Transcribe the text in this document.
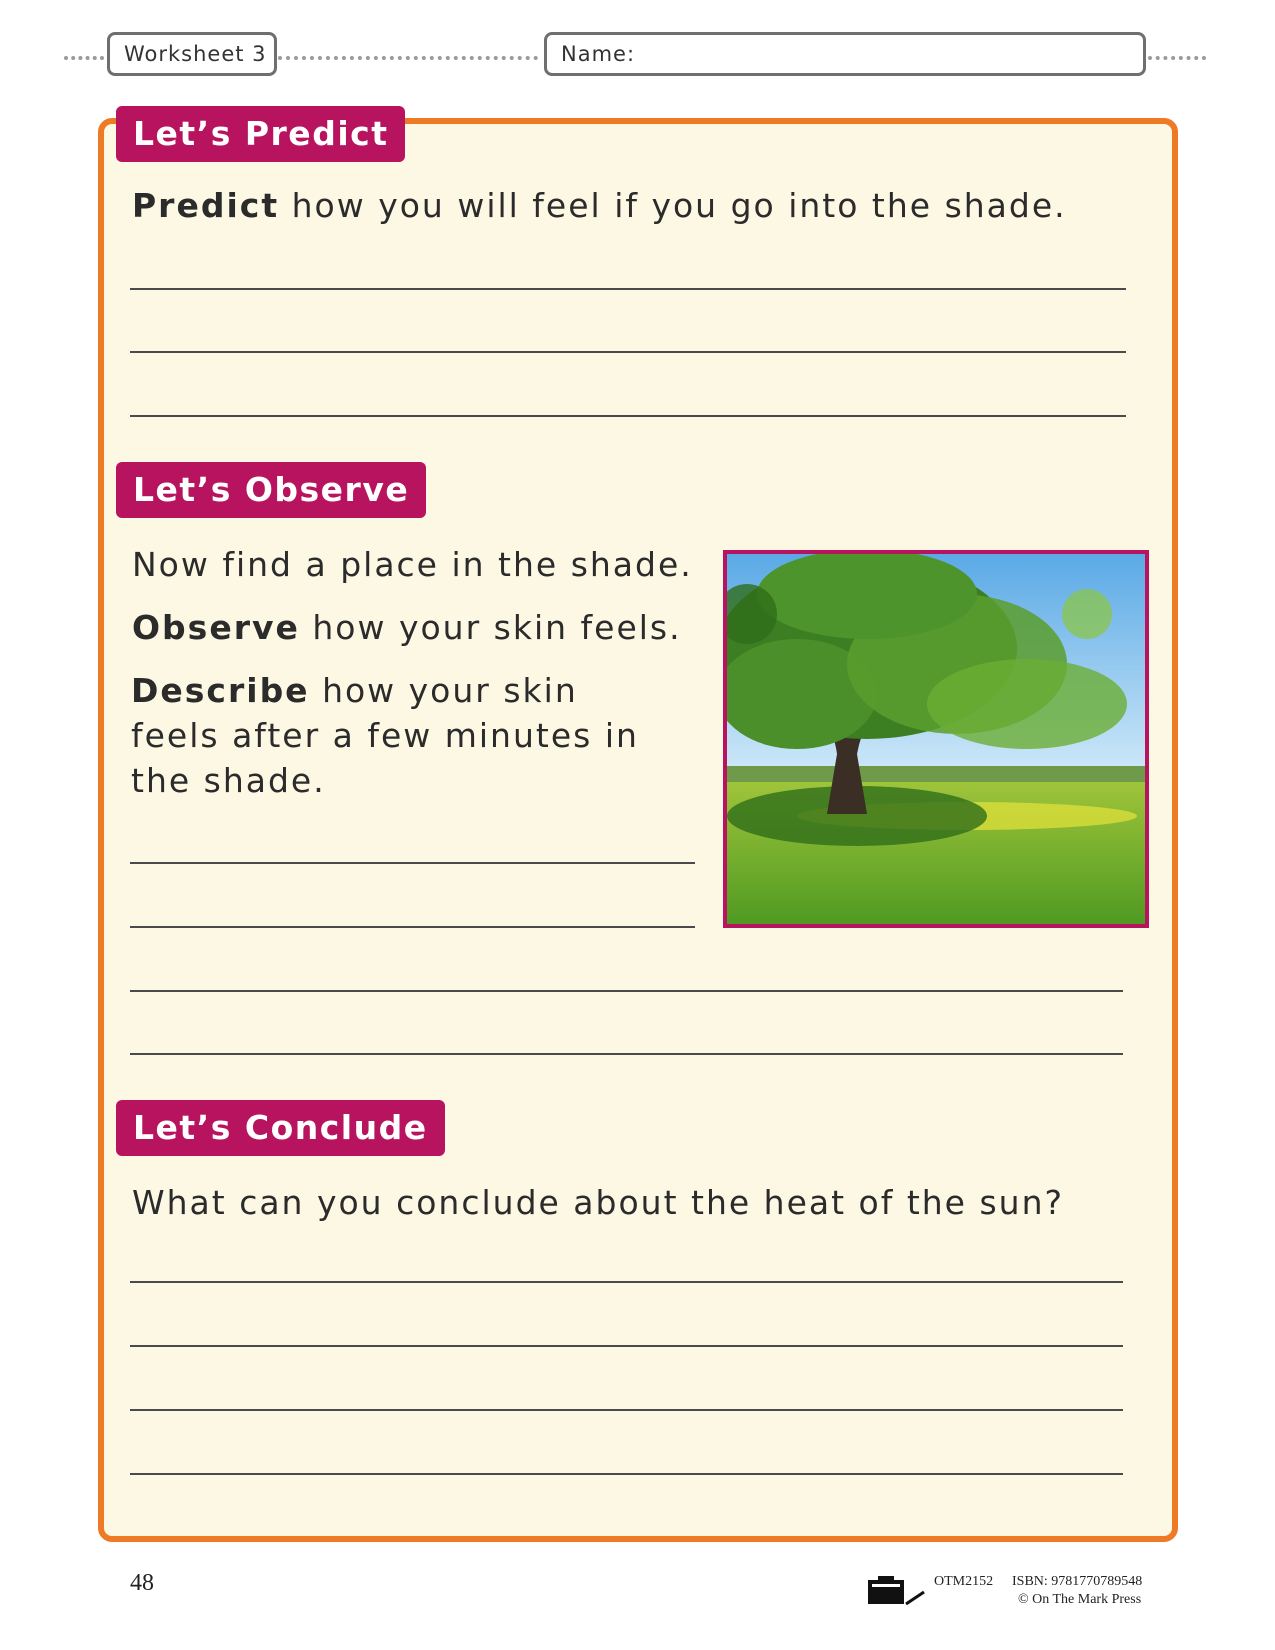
Worksheet 3	Name:
Let’s Predict
Predict how you will feel if you go into the shade.
Let’s Observe
Now find a place in the shade.
Observe how your skin feels.
Describe how your skin feels after a few minutes in the shade.
Let’s Conclude
What can you conclude about the heat of the sun?
48	OTM2152 ISBN: 9781770789548
© On The Mark Press
